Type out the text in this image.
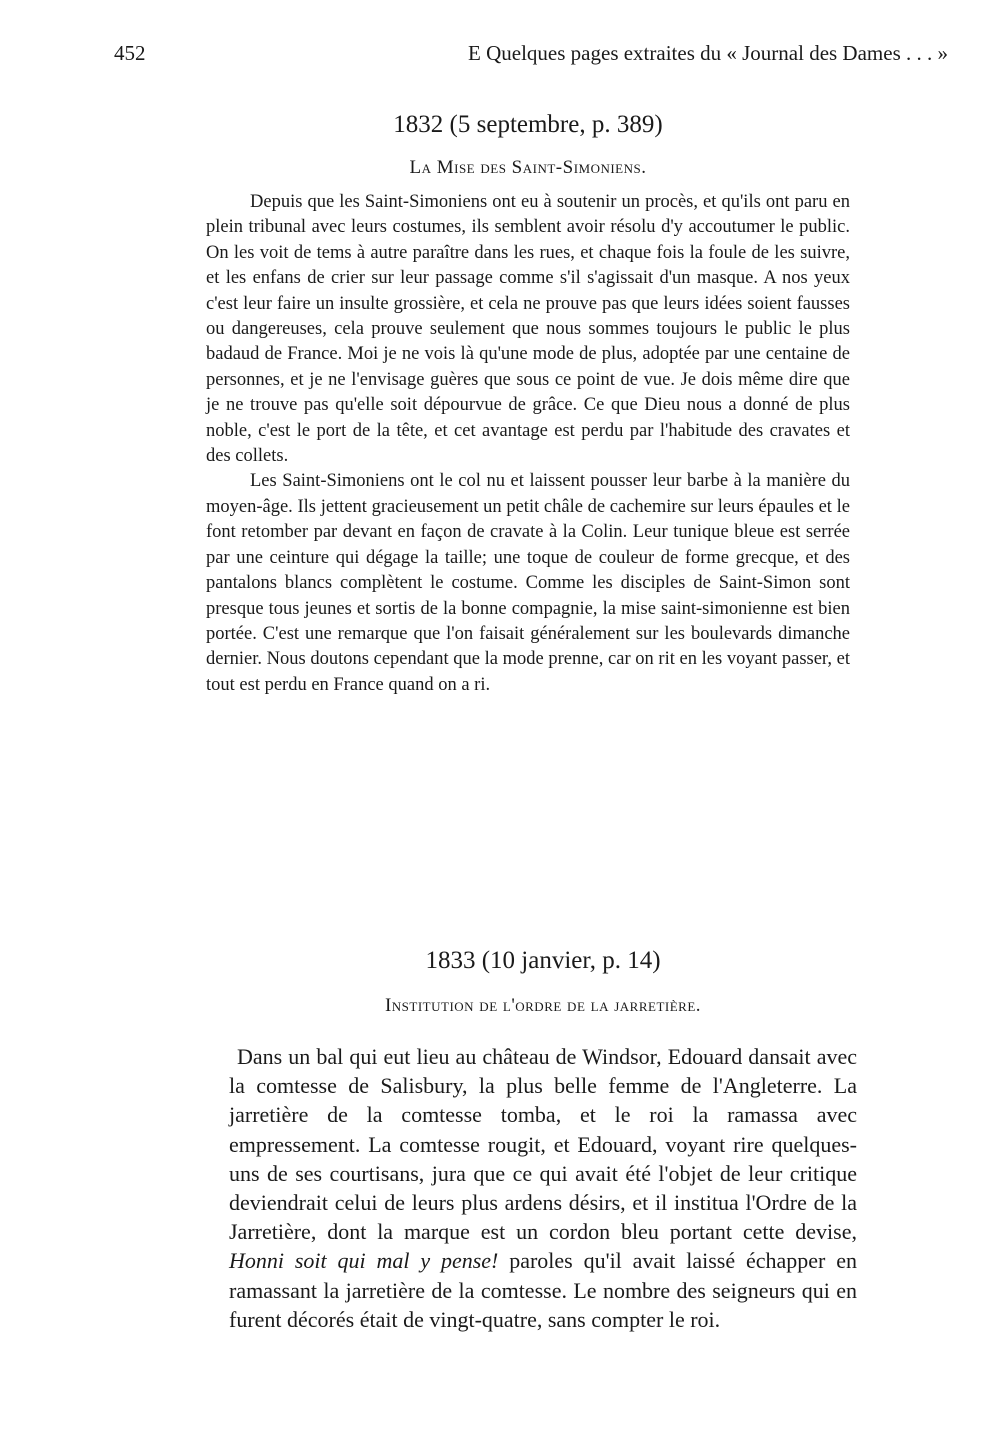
452	E Quelques pages extraites du « Journal des Dames . . . »
1832 (5 septembre, p. 389)
La Mise des Saint-Simoniens.

Depuis que les Saint-Simoniens ont eu à soutenir un procès, et qu'ils ont paru en plein tribunal avec leurs costumes, ils semblent avoir résolu d'y accoutumer le public. On les voit de tems à autre paraître dans les rues, et chaque fois la foule de les suivre, et les enfans de crier sur leur passage comme s'il s'agissait d'un masque. A nos yeux c'est leur faire un insulte grossière, et cela ne prouve pas que leurs idées soient fausses ou dangereuses, cela prouve seulement que nous sommes toujours le public le plus badaud de France. Moi je ne vois là qu'une mode de plus, adoptée par une centaine de personnes, et je ne l'envisage guères que sous ce point de vue. Je dois même dire que je ne trouve pas qu'elle soit dépourvue de grâce. Ce que Dieu nous a donné de plus noble, c'est le port de la tête, et cet avantage est perdu par l'habitude des cravates et des collets.

Les Saint-Simoniens ont le col nu et laissent pousser leur barbe à la manière du moyen-âge. Ils jettent gracieusement un petit châle de cachemire sur leurs épaules et le font retomber par devant en façon de cravate à la Colin. Leur tunique bleue est serrée par une ceinture qui dégage la taille; une toque de couleur de forme grecque, et des pantalons blancs complètent le costume. Comme les disciples de Saint-Simon sont presque tous jeunes et sortis de la bonne compagnie, la mise saint-simonienne est bien portée. C'est une remarque que l'on faisait généralement sur les boulevards dimanche dernier. Nous doutons cependant que la mode prenne, car on rit en les voyant passer, et tout est perdu en France quand on a ri.

1833 (10 janvier, p. 14)
Institution de l'ordre de la jarretière.

Dans un bal qui eut lieu au château de Windsor, Edouard dansait avec la comtesse de Salisbury, la plus belle femme de l'Angleterre. La jarretière de la comtesse tomba, et le roi la ramassa avec empressement. La comtesse rougit, et Edouard, voyant rire quelques-uns de ses courtisans, jura que ce qui avait été l'objet de leur critique deviendrait celui de leurs plus ardens désirs, et il institua l'Ordre de la Jarretière, dont la marque est un cordon bleu portant cette devise, Honni soit qui mal y pense! paroles qu'il avait laissé échapper en ramassant la jarretière de la comtesse. Le nombre des seigneurs qui en furent décorés était de vingt-quatre, sans compter le roi.
